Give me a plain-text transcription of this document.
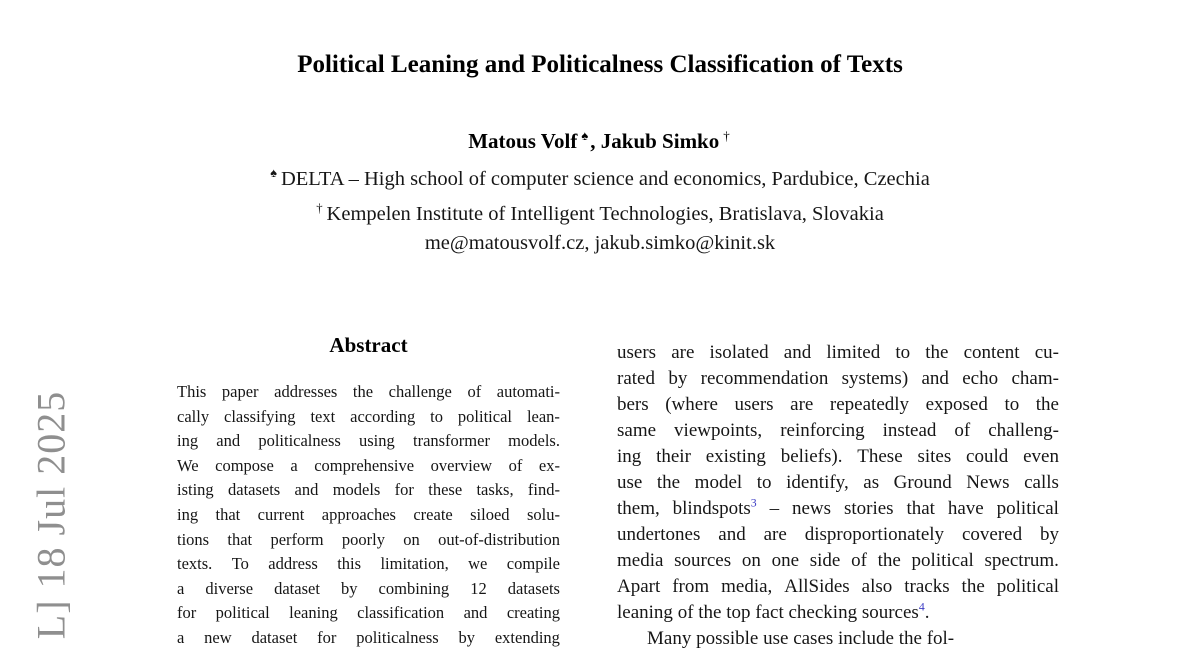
L] 18 Jul 2025
Political Leaning and Politicalness Classification of Texts
Matous Volf ♠, Jakub Simko †
♠ DELTA – High school of computer science and economics, Pardubice, Czechia
† Kempelen Institute of Intelligent Technologies, Bratislava, Slovakia
me@matousvolf.cz, jakub.simko@kinit.sk
Abstract
This paper addresses the challenge of automati-
cally classifying text according to political lean-
ing and politicalness using transformer models.
We compose a comprehensive overview of ex-
isting datasets and models for these tasks, find-
ing that current approaches create siloed solu-
tions that perform poorly on out-of-distribution
texts. To address this limitation, we compile
a diverse dataset by combining 12 datasets
for political leaning classification and creating
a new dataset for politicalness by extending
users are isolated and limited to the content cu-
rated by recommendation systems) and echo cham-
bers (where users are repeatedly exposed to the
same viewpoints, reinforcing instead of challeng-
ing their existing beliefs). These sites could even
use the model to identify, as Ground News calls
them, blindspots$^3$ – news stories that have political
undertones and are disproportionately covered by
media sources on one side of the political spectrum.
Apart from media, AllSides also tracks the political
leaning of the top fact checking sources$^4$.
Many possible use cases include the fol-
